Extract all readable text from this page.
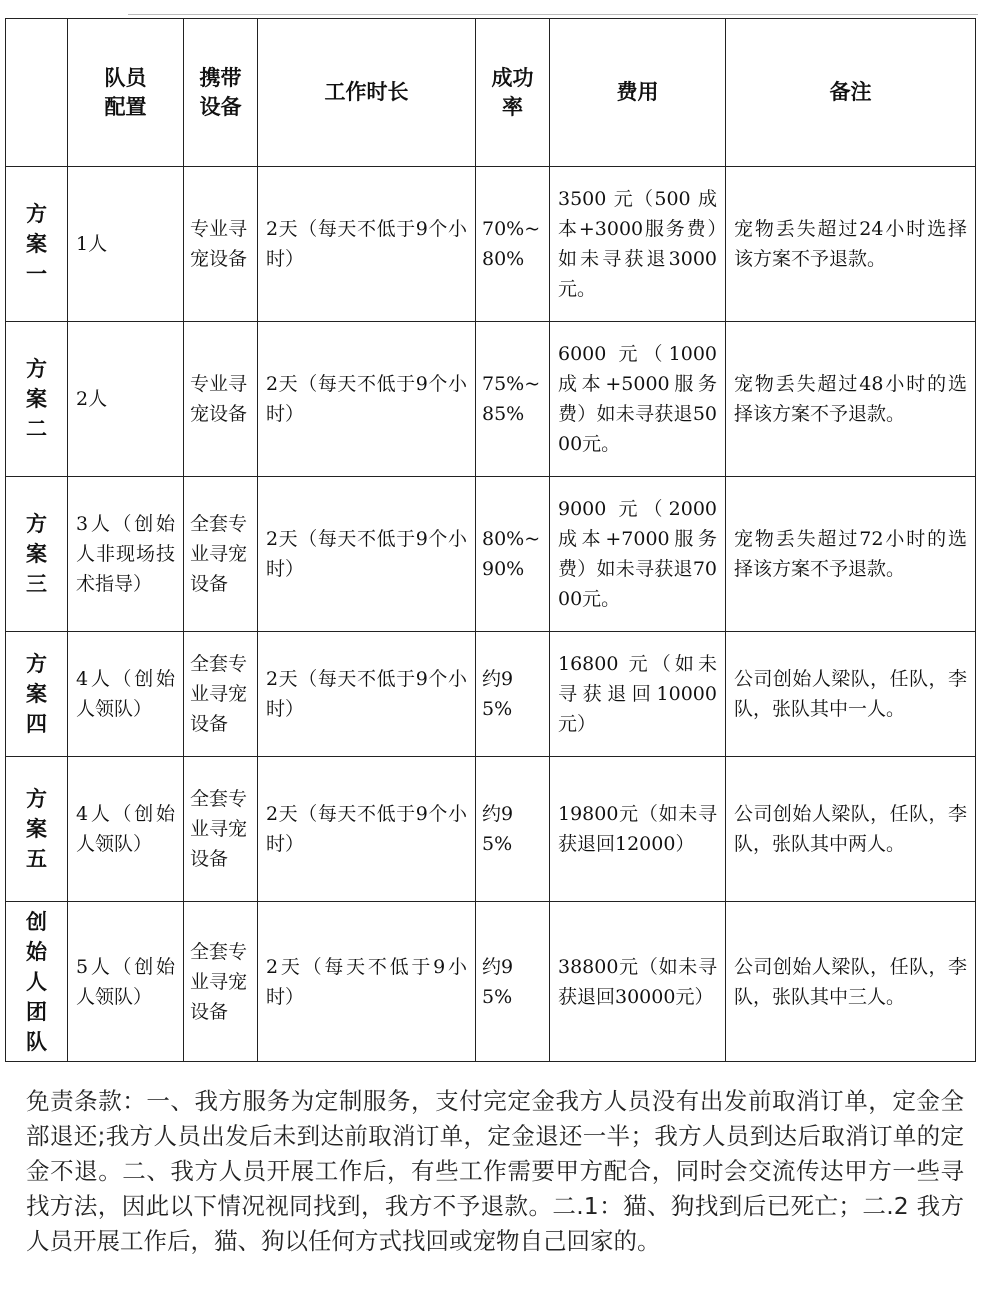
	队员配置	携带设备	工作时长	成功率	费用	备注
方案一	1人	专业寻宠设备	2天（每天不低于9个小时）	70%~80%	3500 元（500 成本+3000服务费）如未寻获退3000元。	宠物丢失超过24小时选择该方案不予退款。
方案二	2人	专业寻宠设备	2天（每天不低于9个小时）	75%~85%	6000 元（1000 成本+5000服务费）如未寻获退5000元。	宠物丢失超过48小时的选择该方案不予退款。
方案三	3人（创始人非现场技术指导）	全套专业寻宠设备	2天（每天不低于9个小时）	80%~90%	9000 元（2000 成本+7000服务费）如未寻获退7000元。	宠物丢失超过72小时的选择该方案不予退款。
方案四	4人（创始人领队）	全套专业寻宠设备	2天（每天不低于9个小时）	约95%	16800 元（如未寻获退回10000元）	公司创始人梁队，任队，李队，张队其中一人。
方案五	4人（创始人领队）	全套专业寻宠设备	2天（每天不低于9个小时）	约95%	19800元（如未寻获退回12000）	公司创始人梁队，任队，李队，张队其中两人。
创始人团队	5人（创始人领队）	全套专业寻宠设备	2天（每天不低于9小时）	约95%	38800元（如未寻获退回30000元）	公司创始人梁队，任队，李队，张队其中三人。
免责条款：一、我方服务为定制服务，支付完定金我方人员没有出发前取消订单，定金全部退还;我方人员出发后未到达前取消订单，定金退还一半；我方人员到达后取消订单的定金不退。二、我方人员开展工作后，有些工作需要甲方配合，同时会交流传达甲方一些寻找方法，因此以下情况视同找到，我方不予退款。二.1：猫、狗找到后已死亡；二.2 我方人员开展工作后，猫、狗以任何方式找回或宠物自己回家的。
